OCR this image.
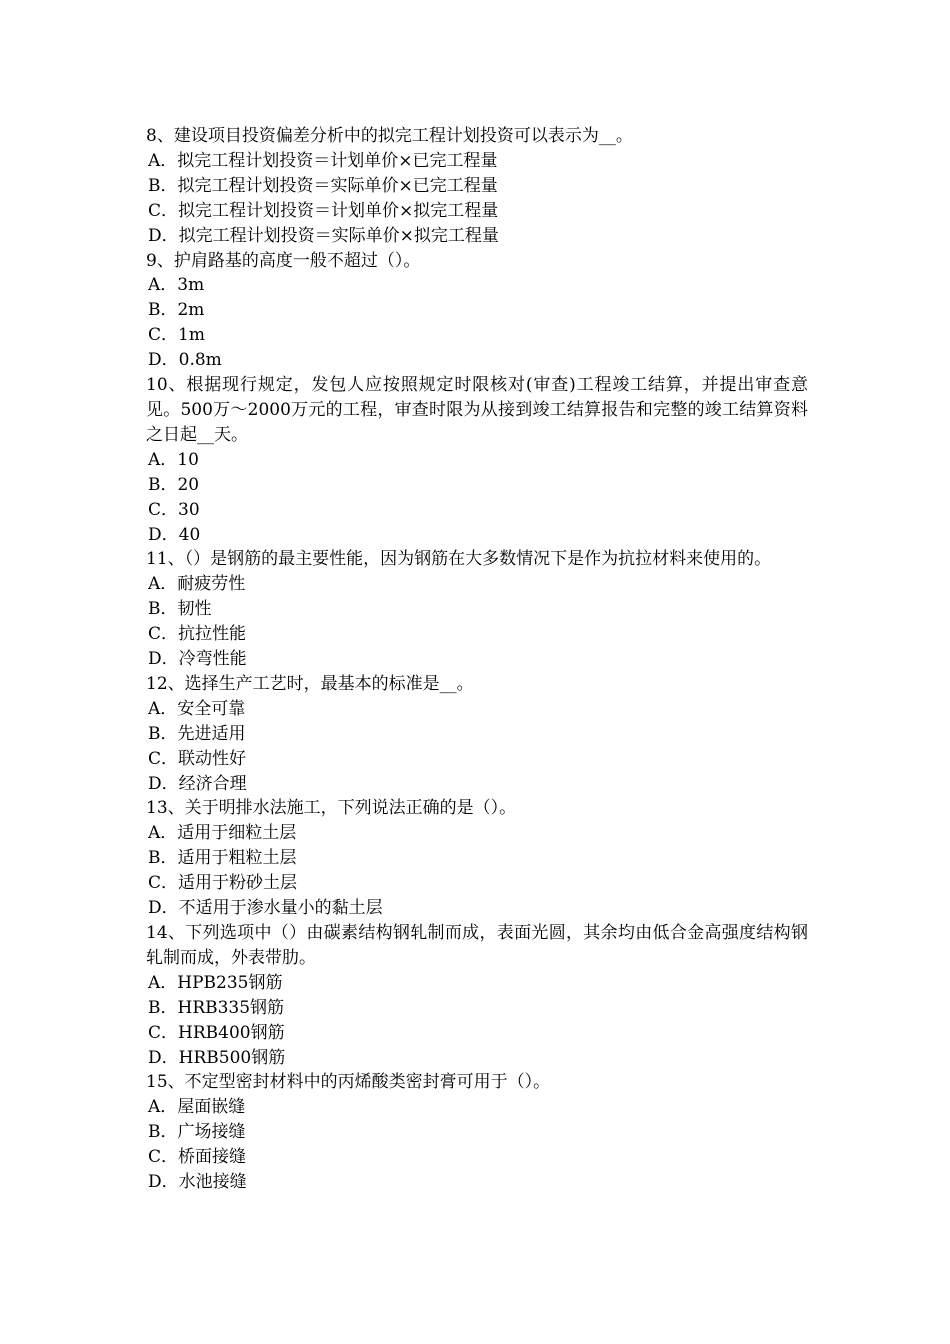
8、建设项目投资偏差分析中的拟完工程计划投资可以表示为__。

A．拟完工程计划投资＝计划单价×已完工程量

B．拟完工程计划投资＝实际单价×已完工程量

C．拟完工程计划投资＝计划单价×拟完工程量

D．拟完工程计划投资＝实际单价×拟完工程量

9、护肩路基的高度一般不超过（）。

A．3m

B．2m

C．1m

D．0.8m

10、根据现行规定，发包人应按照规定时限核对(审查)工程竣工结算，并提出审查意见。500万～2000万元的工程，审查时限为从接到竣工结算报告和完整的竣工结算资料之日起__天。

A．10

B．20

C．30

D．40

11、（）是钢筋的最主要性能，因为钢筋在大多数情况下是作为抗拉材料来使用的。

A．耐疲劳性

B．韧性

C．抗拉性能

D．冷弯性能

12、选择生产工艺时，最基本的标准是__。

A．安全可靠

B．先进适用

C．联动性好

D．经济合理

13、关于明排水法施工，下列说法正确的是（）。

A．适用于细粒土层

B．适用于粗粒土层

C．适用于粉砂土层

D．不适用于渗水量小的黏土层

14、下列选项中（）由碳素结构钢轧制而成，表面光圆，其余均由低合金高强度结构钢轧制而成，外表带肋。

A．HPB235钢筋

B．HRB335钢筋

C．HRB400钢筋

D．HRB500钢筋

15、不定型密封材料中的丙烯酸类密封膏可用于（）。

A．屋面嵌缝

B．广场接缝

C．桥面接缝

D．水池接缝
